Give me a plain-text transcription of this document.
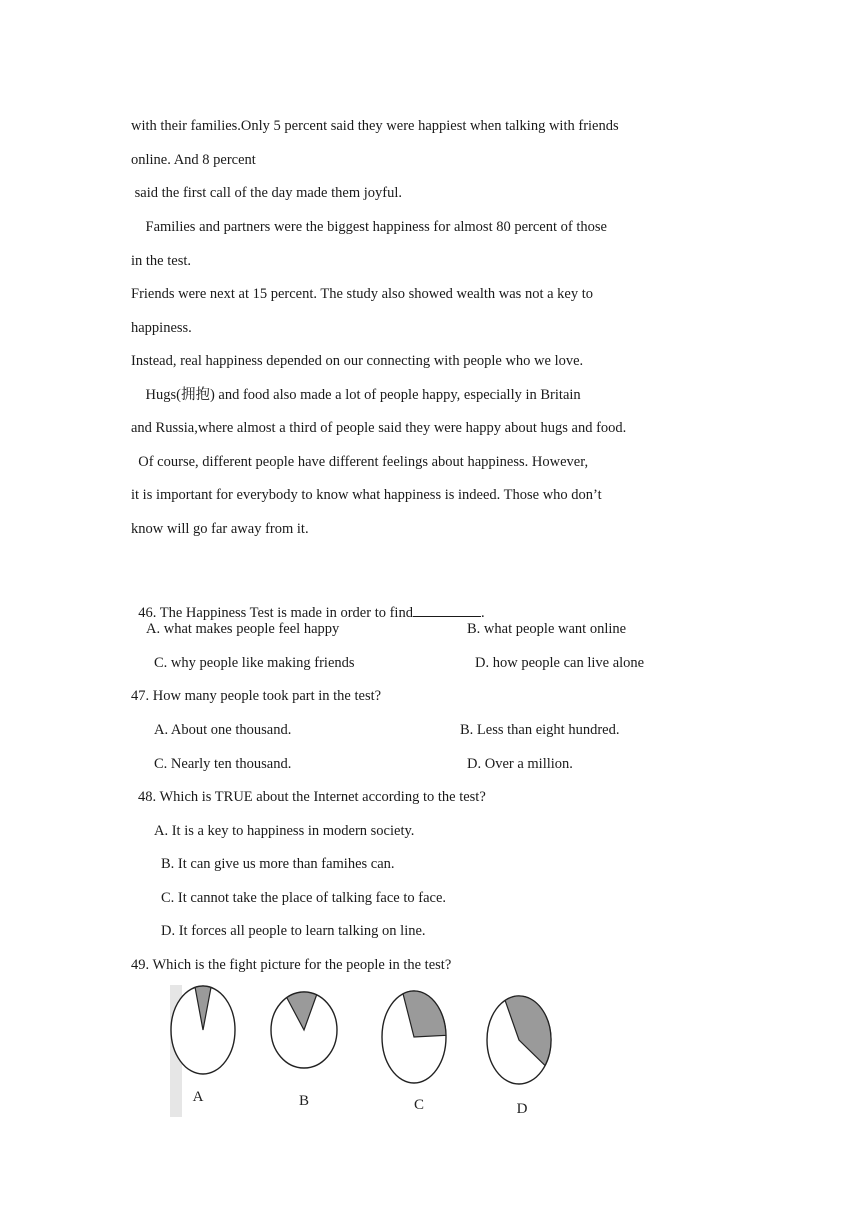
with their families.Only 5 percent said they were happiest when talking with friends
online. And 8 percent
said the first call of the day made them joyful.
Families and partners were the biggest happiness for almost 80 percent of those
in the test.
Friends were next at 15 percent. The study also showed wealth was not a key to
happiness.
Instead, real happiness depended on our connecting with people who we love.
Hugs(拥抱) and food also made a lot of people happy, especially in Britain
and Russia,where almost a third of people said they were happy about hugs and food.
Of course, different people have different feelings about happiness. However,
it is important for everybody to know what happiness is indeed. Those who don’t
know will go far away from it.

46. The Happiness Test is made in order to find	.

A. what makes people feel happy	B. what people want online
C. why people like making friends	D. how people can live alone
47. How many people took part in the test?
A. About one thousand.	B. Less than eight hundred.
C. Nearly ten thousand.	D. Over a million.
48. Which is TRUE about the Internet according to the test?
A. It is a key to happiness in modern society.
B. It can give us more than famihes can.
C. It cannot take the place of talking face to face.
D. It forces all people to learn talking on line.
49. Which is the fight picture for the people in the test?
A	B	C	D
